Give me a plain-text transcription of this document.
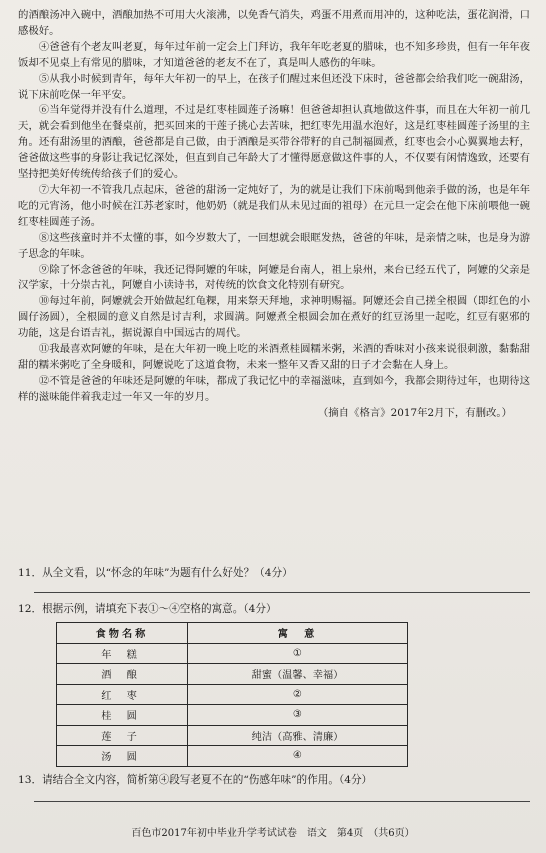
的酒酿汤冲入碗中，酒酿加热不可用大火滚沸，以免香气消失，鸡蛋不用煮而用冲的，这种吃法，蛋花润滑，口感极好。

④爸爸有个老友叫老夏，每年过年前一定会上门拜访，我年年吃老夏的腊味，也不知多珍贵，但有一年年夜饭却不见桌上有常见的腊味，才知道爸爸的老友不在了，真是叫人感伤的年味。

⑤从我小时候到青年，每年大年初一的早上，在孩子们醒过来但还没下床时，爸爸都会给我们吃一碗甜汤，说下床前吃保一年平安。

⑥当年觉得并没有什么道理，不过是红枣桂圆莲子汤嘛！但爸爸却担认真地做这件事，而且在大年初一前几天，就会看到他坐在餐桌前，把买回来的干莲子挑心去苦味，把红枣先用温水泡好，这是红枣桂圆莲子汤里的主角。还有甜汤里的酒酿，爸爸都是自己做，由于酒酿是买带谷带籽的自己制福圆煮，红枣也会小心翼翼地去籽，爸爸做这些事的身影让我记忆深处，但直到自己年龄大了才懂得愿意做这件事的人，不仅要有闲情逸致，还要有坚持把美好传统传给孩子们的爱心。

⑦大年初一不管我几点起床，爸爸的甜汤一定炖好了，为的就是让我们下床前喝到他亲手做的汤，也是年年吃的元宵汤，他小时候在江苏老家时，他奶奶（就是我们从未见过面的祖母）在元旦一定会在他下床前喂他一碗红枣桂圆莲子汤。

⑧这些孩童时并不太懂的事，如今岁数大了，一回想就会眼眶发热，爸爸的年味，是亲情之味，也是身为游子思念的年味。

⑨除了怀念爸爸的年味，我还记得阿嬷的年味，阿嬷是台南人，祖上泉州，来台已经五代了，阿嬷的父亲是汉学家，十分崇古礼，阿嬷自小读诗书，对传统的饮食文化特别有研究。

⑩每过年前，阿嬷就会开始做起红龟粿，用来祭天拜地，求神明赐福。阿嬷还会自己搓全根圆（即红色的小圆仔汤圆），全根圆的意义自然是讨吉利，求圆满。阿嬷煮全根圆会加在煮好的红豆汤里一起吃，红豆有驱邪的功能，这是台语吉礼，据说源自中国远古的周代。

⑪我最喜欢阿嬷的年味，是在大年初一晚上吃的米酒煮桂圆糯米粥，米酒的香味对小孩来说很刺激，黏黏甜甜的糯米粥吃了全身暖和，阿嬷说吃了这道食物，未来一整年又香又甜的日子才会黏在人身上。

⑫不管是爸爸的年味还是阿嬷的年味，都成了我记忆中的幸福滋味，直到如今，我都会期待过年，也期待这样的滋味能伴着我走过一年又一年的岁月。

（摘自《格言》2017年2月下，有删改。）
11．从全文看，以“怀念的年味”为题有什么好处？（4分）
12．根据示例，请填充下表①～④空格的寓意。（4分）
食物名称	寓　意
年 糕	①
酒 酿	甜蜜（温馨、幸福）
红 枣	②
桂 圆	③
莲 子	纯洁（高雅、清廉）
汤 圆	④
13．请结合全文内容，简析第④段写老夏不在的“伤感年味”的作用。（4分）
百色市2017年初中毕业升学考试试卷　语文　第4页　（共6页）
